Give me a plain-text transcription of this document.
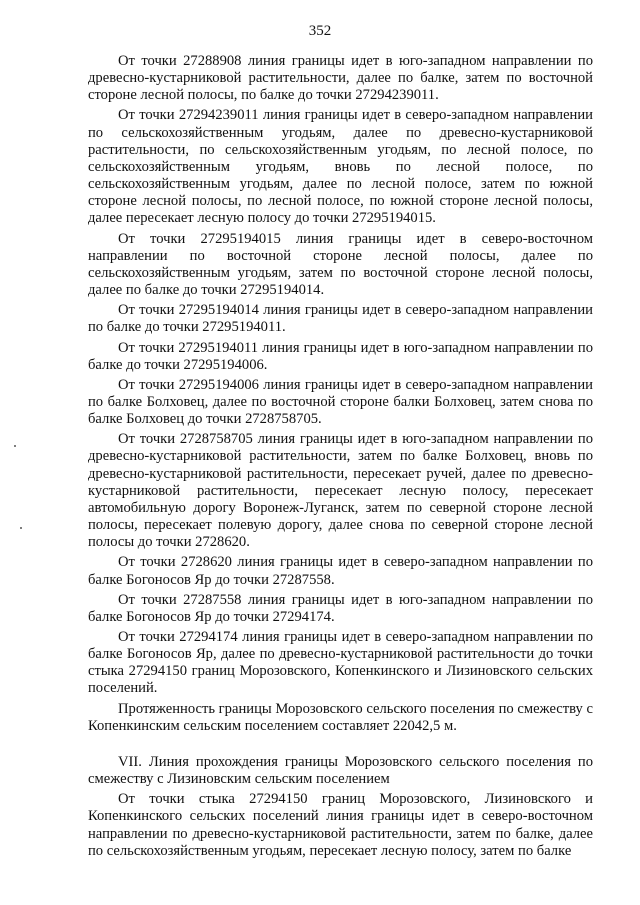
352

От точки 27288908 линия границы идет в юго-западном направлении по древесно-кустарниковой растительности, далее по балке, затем по восточной стороне лесной полосы, по балке до точки 27294239011.

От точки 27294239011 линия границы идет в северо-западном направлении по сельскохозяйственным угодьям, далее по древесно-кустарниковой растительности, по сельскохозяйственным угодьям, по лесной полосе, по сельскохозяйственным угодьям, вновь по лесной полосе, по сельскохозяйственным угодьям, далее по лесной полосе, затем по южной стороне лесной полосы, по лесной полосе, по южной стороне лесной полосы, далее пересекает лесную полосу до точки 27295194015.

От точки 27295194015 линия границы идет в северо-восточном направлении по восточной стороне лесной полосы, далее по сельскохозяйственным угодьям, затем по восточной стороне лесной полосы, далее по балке до точки 27295194014.

От точки 27295194014 линия границы идет в северо-западном направлении по балке до точки 27295194011.

От точки 27295194011 линия границы идет в юго-западном направлении по балке до точки 27295194006.

От точки 27295194006 линия границы идет в северо-западном направлении по балке Болховец, далее по восточной стороне балки Болховец, затем снова по балке Болховец до точки 2728758705.

От точки 2728758705 линия границы идет в юго-западном направлении по древесно-кустарниковой растительности, затем по балке Болховец, вновь по древесно-кустарниковой растительности, пересекает ручей, далее по древесно-кустарниковой растительности, пересекает лесную полосу, пересекает автомобильную дорогу Воронеж-Луганск, затем по северной стороне лесной полосы, пересекает полевую дорогу, далее снова по северной стороне лесной полосы до точки 2728620.

От точки 2728620 линия границы идет в северо-западном направлении по балке Богоносов Яр до точки 27287558.

От точки 27287558 линия границы идет в юго-западном направлении по балке Богоносов Яр до точки 27294174.

От точки 27294174 линия границы идет в северо-западном направлении по балке Богоносов Яр, далее по древесно-кустарниковой растительности до точки стыка 27294150 границ Морозовского, Копенкинского и Лизиновского сельских поселений.

Протяженность границы Морозовского сельского поселения по смежеству с Копенкинским сельским поселением составляет 22042,5 м.

VII. Линия прохождения границы Морозовского сельского поселения по смежеству с Лизиновским сельским поселением

От точки стыка 27294150 границ Морозовского, Лизиновского и Копенкинского сельских поселений линия границы идет в северо-восточном направлении по древесно-кустарниковой растительности, затем по балке, далее по сельскохозяйственным угодьям, пересекает лесную полосу, затем по балке
